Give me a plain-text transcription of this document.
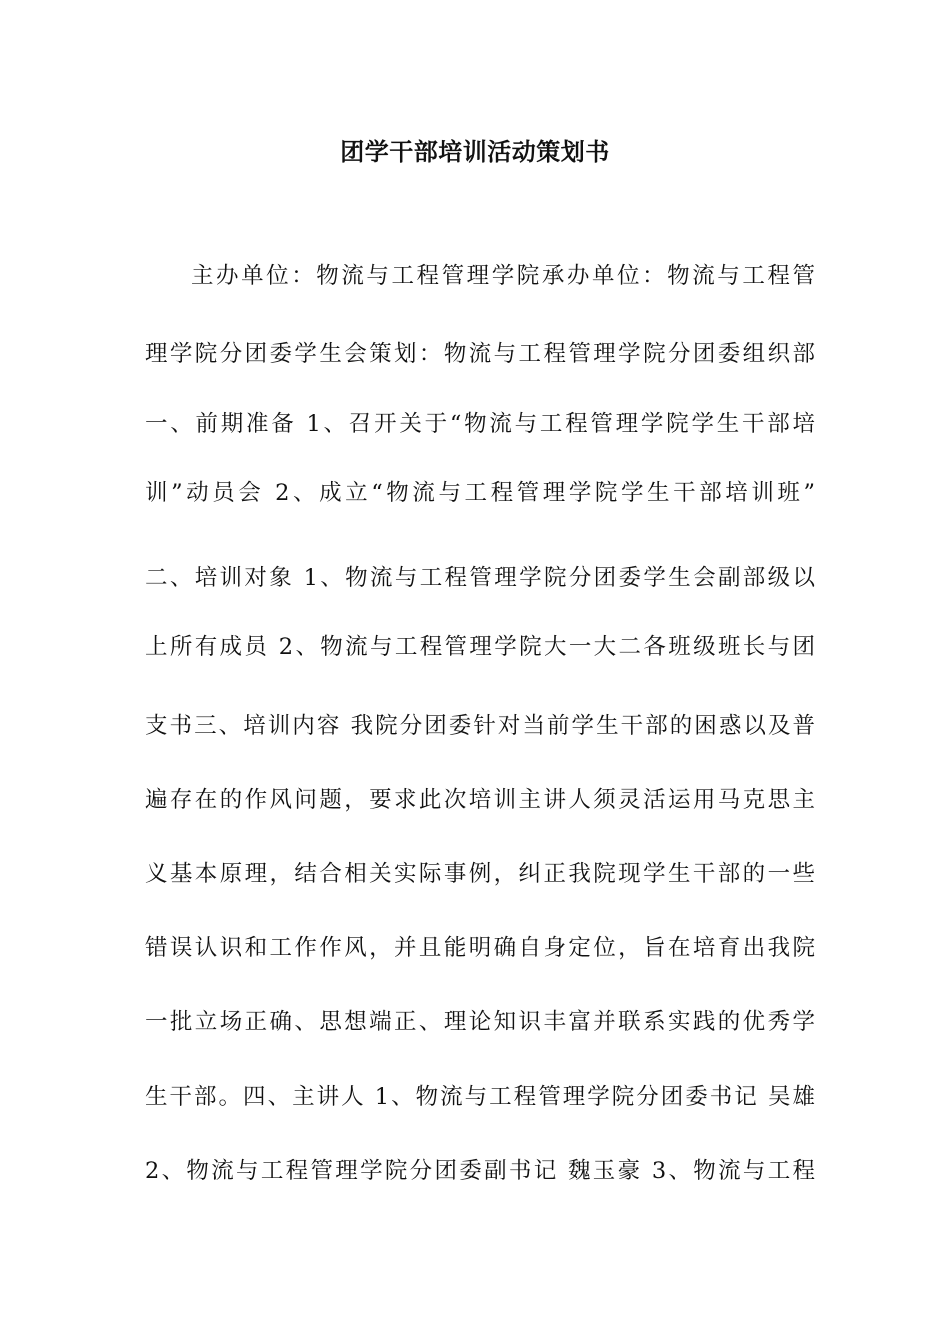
团学干部培训活动策划书
主办单位：物流与工程管理学院承办单位：物流与工程管
理学院分团委学生会策划：物流与工程管理学院分团委组织部
一、前期准备 1、召开关于“物流与工程管理学院学生干部培
训”动员会 2、成立“物流与工程管理学院学生干部培训班”
二、培训对象 1、物流与工程管理学院分团委学生会副部级以
上所有成员 2、物流与工程管理学院大一大二各班级班长与团
支书三、培训内容 我院分团委针对当前学生干部的困惑以及普
遍存在的作风问题，要求此次培训主讲人须灵活运用马克思主
义基本原理，结合相关实际事例，纠正我院现学生干部的一些
错误认识和工作作风，并且能明确自身定位，旨在培育出我院
一批立场正确、思想端正、理论知识丰富并联系实践的优秀学
生干部。四、主讲人 1、物流与工程管理学院分团委书记 吴雄
2、物流与工程管理学院分团委副书记 魏玉豪 3、物流与工程
